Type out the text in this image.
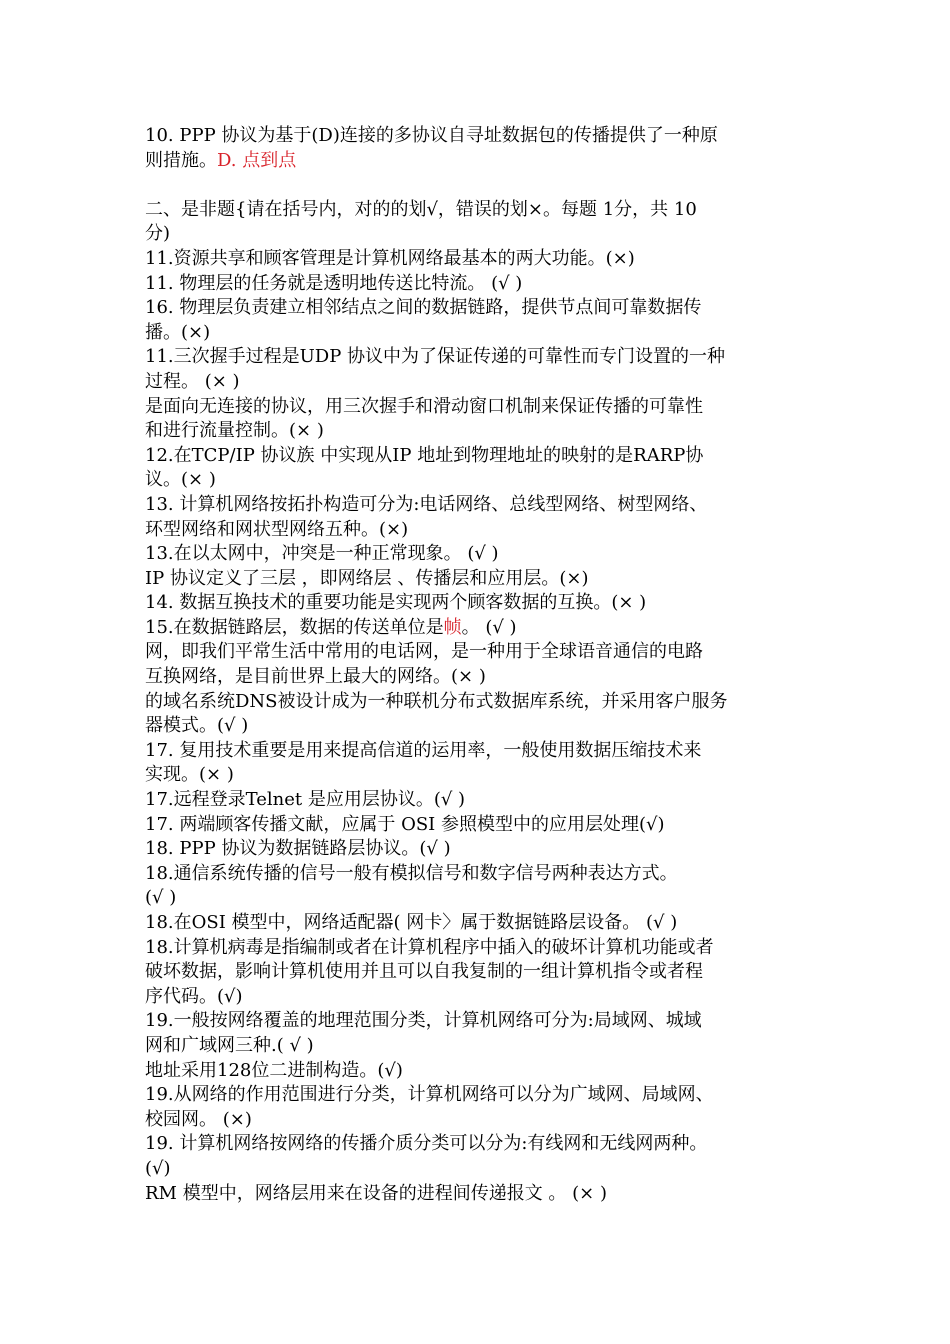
10. PPP 协议为基于(D)连接的多协议自寻址数据包的传播提供了一种原
则措施。D. 点到点
二、是非题{请在括号内，对的的划√，错误的划×。每题 1分，共 10
分)
11.资源共享和顾客管理是计算机网络最基本的两大功能。(×)
11. 物理层的任务就是透明地传送比特流。 (√ )
16. 物理层负责建立相邻结点之间的数据链路，提供节点间可靠数据传
播。(×)
11.三次握手过程是UDP 协议中为了保证传递的可靠性而专门设置的一种
过程。 (× )
是面向无连接的协议，用三次握手和滑动窗口机制来保证传播的可靠性
和进行流量控制。(× )
12.在TCP/IP 协议族 中实现从IP 地址到物理地址的映射的是RARP协
议。(× )
13. 计算机网络按拓扑构造可分为:电话网络、总线型网络、树型网络、
环型网络和网状型网络五种。(×)
13.在以太网中，冲突是一种正常现象。 (√ )
IP 协议定义了三层 ，即网络层 、传播层和应用层。(×)
14. 数据互换技术的重要功能是实现两个顾客数据的互换。(× )
15.在数据链路层，数据的传送单位是帧。 (√ )
网，即我们平常生活中常用的电话网，是一种用于全球语音通信的电路
互换网络，是目前世界上最大的网络。(× )
的域名系统DNS被设计成为一种联机分布式数据库系统，并采用客户服务
器模式。(√ )
17. 复用技术重要是用来提高信道的运用率，一般使用数据压缩技术来
实现。(× )
17.远程登录Telnet 是应用层协议。(√ )
17. 两端顾客传播文献，应属于 OSI 参照模型中的应用层处理(√)
18. PPP 协议为数据链路层协议。(√ )
18.通信系统传播的信号一般有模拟信号和数字信号两种表达方式。
(√ )
18.在OSI 模型中，网络适配器( 网卡〉属于数据链路层设备。 (√ )
18.计算机病毒是指编制或者在计算机程序中插入的破坏计算机功能或者
破坏数据，影响计算机使用并且可以自我复制的一组计算机指令或者程
序代码。(√)
19.一般按网络覆盖的地理范围分类，计算机网络可分为:局域网、城域
网和广域网三种.( √ )
地址采用128位二进制构造。(√)
19.从网络的作用范围进行分类，计算机网络可以分为广域网、局域网、
校园网。 (×)
19. 计算机网络按网络的传播介质分类可以分为:有线网和无线网两种。
(√)
RM 模型中，网络层用来在设备的进程间传递报文 。 (× )
